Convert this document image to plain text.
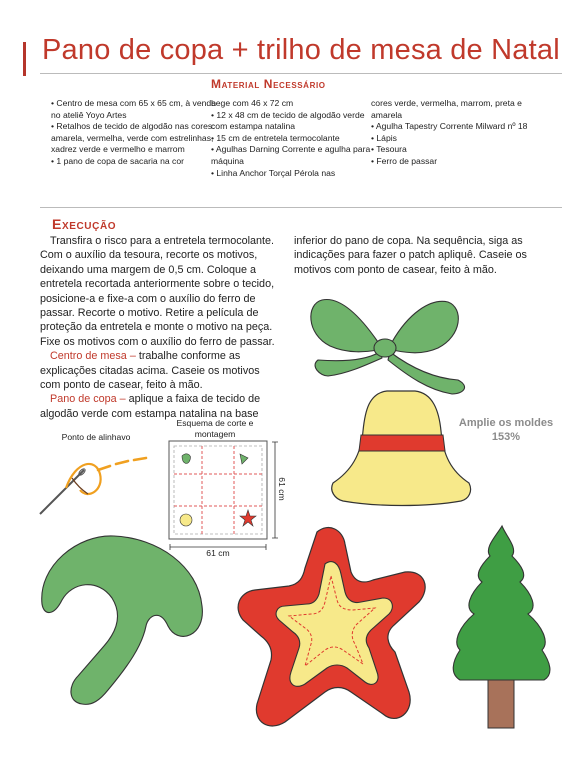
Pano de copa + trilho de mesa de Natal
Material Necessário
• Centro de mesa com 65 x 65 cm, à venda no ateliê Yoyo Artes
• Retalhos de tecido de algodão nas cores: amarela, vermelha, verde com estrelinhas, xadrez verde e vermelho e marrom
• 1 pano de copa de sacaria na cor
bege com 46 x 72 cm
• 12 x 48 cm de tecido de algodão verde com estampa natalina
• 15 cm de entretela termocolante
• Agulhas Darning Corrente e agulha para máquina
• Linha Anchor Torçal Pérola nas
cores verde, vermelha, marrom, preta e amarela
• Agulha Tapestry Corrente Milward nº 18
• Lápis
• Tesoura
• Ferro de passar
Execução

Transfira o risco para a entretela termocolante. Com o auxílio da tesoura, recorte os motivos, deixando uma margem de 0,5 cm. Coloque a entretela recortada anteriormente sobre o tecido, posicione-a e fixe-a com o auxílio do ferro de passar. Recorte o motivo. Retire a película de proteção da entretela e monte o motivo na peça. Fixe os motivos com o auxílio do ferro de passar.

Centro de mesa – trabalhe conforme as explicações citadas acima. Caseie os motivos com ponto de casear, feito à mão.

Pano de copa – aplique a faixa de tecido de algodão verde com estampa natalina na base

inferior do pano de copa. Na sequência, siga as indicações para fazer o patch apliquê. Caseie os motivos com ponto de casear, feito à mão.

Amplie os moldes 153%
Ponto de alinhavo
Esquema de corte e montagem
61 cm
61 cm
